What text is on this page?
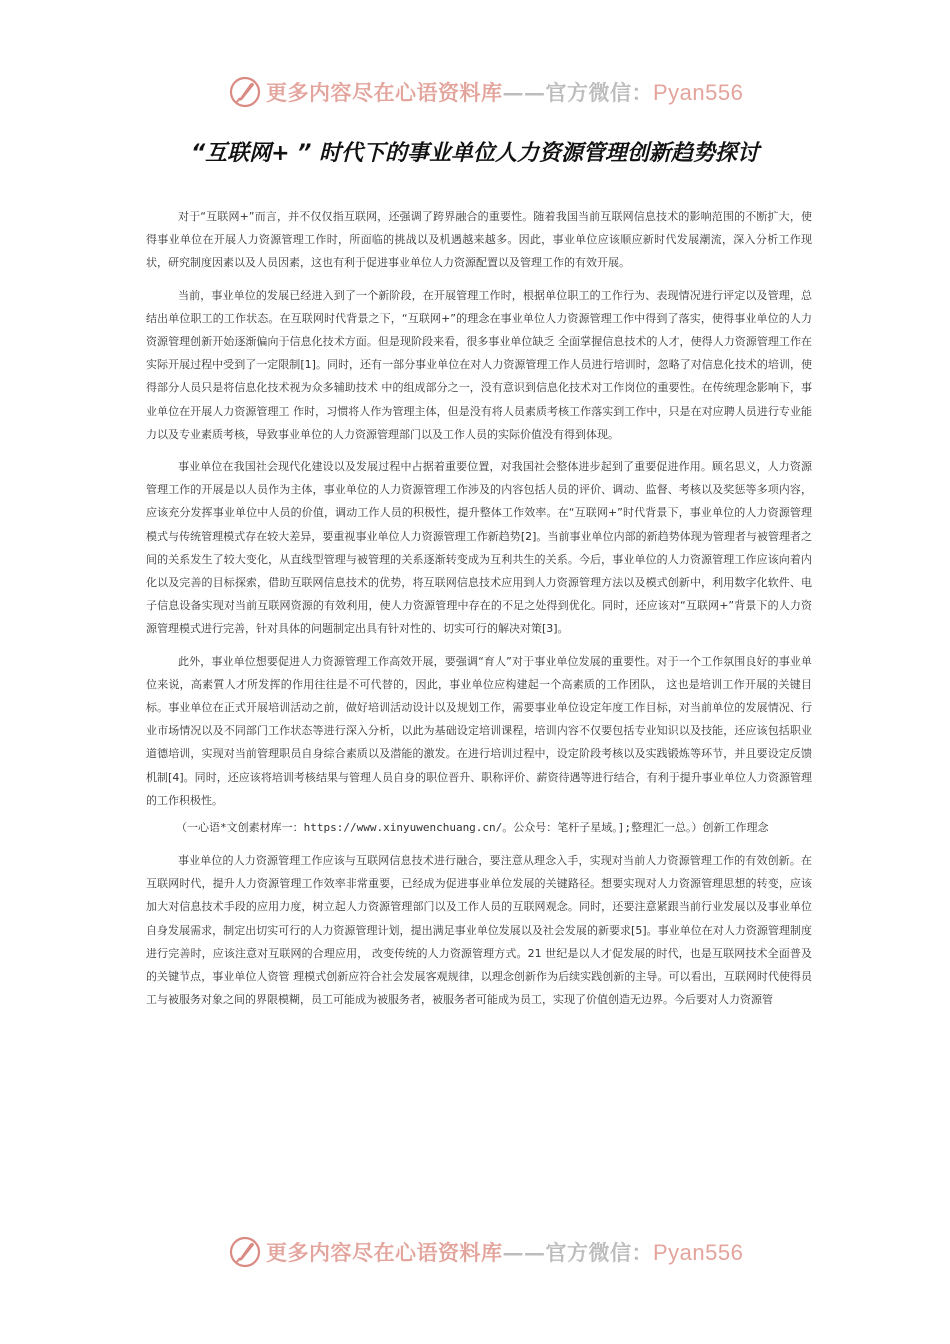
更多内容尽在心语资料库——官方微信：Pyan556
“互联网+ ” 时代下的事业单位人力资源管理创新趋势探讨

对于“互联网+”而言，并不仅仅指互联网，还强调了跨界融合的重要性。随着我国当前互联网信息技术的影响范围的不断扩大，使得事业单位在开展人力资源管理工作时，所面临的挑战以及机遇越来越多。因此，事业单位应该顺应新时代发展潮流，深入分析工作现状，研究制度因素以及人员因素，这也有利于促进事业单位人力资源配置以及管理工作的有效开展。

当前，事业单位的发展已经进入到了一个新阶段，在开展管理工作时，根据单位职工的工作行为、表现情况进行评定以及管理，总结出单位职工的工作状态。在互联网时代背景之下，“互联网+”的理念在事业单位人力资源管理工作中得到了落实，使得事业单位的人力资源管理创新开始逐渐偏向于信息化技术方面。但是现阶段来看，很多事业单位缺乏 全面掌握信息技术的人才，使得人力资源管理工作在实际开展过程中受到了一定限制[1]。同时，还有一部分事业单位在对人力资源管理工作人员进行培训时，忽略了对信息化技术的培训，使得部分人员只是将信息化技术视为众多辅助技术 中的组成部分之一，没有意识到信息化技术对工作岗位的重要性。在传统理念影响下，事业单位在开展人力资源管理工 作时，习惯将人作为管理主体，但是没有将人员素质考核工作落实到工作中，只是在对应聘人员进行专业能力以及专业素质考核，导致事业单位的人力资源管理部门以及工作人员的实际价值没有得到体现。

事业单位在我国社会现代化建设以及发展过程中占据着重要位置，对我国社会整体进步起到了重要促进作用。顾名思义，人力资源管理工作的开展是以人员作为主体，事业单位的人力资源管理工作涉及的内容包括人员的评价、调动、监督、考核以及奖惩等多项内容，应该充分发挥事业单位中人员的价值，调动工作人员的积极性，提升整体工作效率。在“互联网+”时代背景下，事业单位的人力资源管理模式与传统管理模式存在较大差异，要重视事业单位人力资源管理工作新趋势[2]。当前事业单位内部的新趋势体现为管理者与被管理者之间的关系发生了较大变化，从直线型管理与被管理的关系逐渐转变成为互利共生的关系。今后，事业单位的人力资源管理工作应该向着内化以及完善的目标探索，借助互联网信息技术的优势，将互联网信息技术应用到人力资源管理方法以及模式创新中，利用数字化软件、电子信息设备实现对当前互联网资源的有效利用，使人力资源管理中存在的不足之处得到优化。同时，还应该对“互联网+”背景下的人力资源管理模式进行完善，针对具体的问题制定出具有针对性的、切实可行的解决对策[3]。

此外，事业单位想要促进人力资源管理工作高效开展，要强调“育人”对于事业单位发展的重要性。对于一个工作氛围良好的事业单位来说，高素質人才所发挥的作用往往是不可代替的，因此，事业单位应构建起一个高素质的工作团队， 这也是培训工作开展的关键目标。事业单位在正式开展培训活动之前，做好培训活动设计以及规划工作，需要事业单位设定年度工作目标，对当前单位的发展情况、行业市场情况以及不同部门工作状态等进行深入分析，以此为基础设定培训课程，培训内容不仅要包括专业知识以及技能，还应该包括职业道德培训，实现对当前管理职员自身综合素质以及潜能的激发。在进行培训过程中，设定阶段考核以及实践锻炼等环节，并且要设定反馈机制[4]。同时，还应该将培训考核结果与管理人员自身的职位晋升、职称评价、薪资待遇等进行结合，有利于提升事业单位人力资源管理的工作积极性。

（一心语*文创素材库一：https://www.xinyuwenchuang.cn/。公众号：笔杆子星域。];整理汇一总。）创新工作理念

事业单位的人力资源管理工作应该与互联网信息技术进行融合，要注意从理念入手，实现对当前人力资源管理工作的有效创新。在互联网时代，提升人力资源管理工作效率非常重要，已经成为促进事业单位发展的关键路径。想要实现对人力资源管理思想的转变，应该加大对信息技术手段的应用力度，树立起人力资源管理部门以及工作人员的互联网观念。同时，还要注意紧跟当前行业发展以及事业单位自身发展需求，制定出切实可行的人力资源管理计划，提出满足事业单位发展以及社会发展的新要求[5]。事业单位在对人力资源管理制度进行完善时，应该注意对互联网的合理应用， 改变传统的人力资源管理方式。21 世纪是以人才促发展的时代，也是互联网技术全面普及的关键节点，事业单位人资管 理模式创新应符合社会发展客观规律，以理念创新作为后续实践创新的主导。可以看出，互联网时代使得员工与被服务对象之间的界限模糊，员工可能成为被服务者，被服务者可能成为员工，实现了价值创造无边界。今后要对人力资源管

更多内容尽在心语资料库——官方微信：Pyan556
